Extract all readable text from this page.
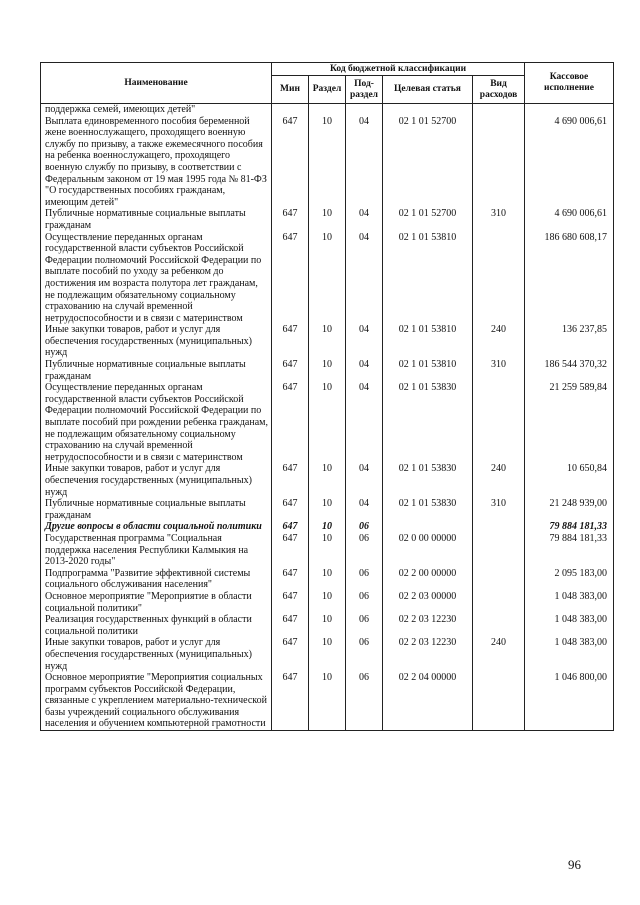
Наименование	Код бюджетной классификации					Кассовое исполнение
	Мин	Раздел	Под-раздел	Целевая статья	Вид расходов	
поддержка семей, имеющих детей"						
Выплата единовременного пособия беременной жене военнослужащего, проходящего военную службу по призыву, а также ежемесячного пособия на ребенка военнослужащего, проходящего военную службу по призыву, в соответствии с Федеральным законом от 19 мая 1995 года № 81-ФЗ "О государственных пособиях гражданам, имеющим детей"	647	10	04	02 1 01 52700		4 690 006,61
Публичные нормативные социальные выплаты гражданам	647	10	04	02 1 01 52700	310	4 690 006,61
Осуществление переданных органам государственной власти субъектов Российской Федерации полномочий Российской Федерации по выплате пособий по уходу за ребенком до достижения им возраста полутора лет гражданам, не подлежащим обязательному социальному страхованию на случай временной нетрудоспособности и в связи с материнством	647	10	04	02 1 01 53810		186 680 608,17
Иные закупки товаров, работ и услуг для обеспечения государственных (муниципальных) нужд	647	10	04	02 1 01 53810	240	136 237,85
Публичные нормативные социальные выплаты гражданам	647	10	04	02 1 01 53810	310	186 544 370,32
Осуществление переданных органам государственной власти субъектов Российской Федерации полномочий Российской Федерации по выплате пособий при рождении ребенка гражданам, не подлежащим обязательному социальному страхованию на случай временной нетрудоспособности и в связи с материнством	647	10	04	02 1 01 53830		21 259 589,84
Иные закупки товаров, работ и услуг для обеспечения государственных (муниципальных) нужд	647	10	04	02 1 01 53830	240	10 650,84
Публичные нормативные социальные выплаты гражданам	647	10	04	02 1 01 53830	310	21 248 939,00
Другие вопросы в области социальной политики	647	10	06			79 884 181,33
Государственная программа "Социальная поддержка населения Республики Калмыкия на 2013-2020 годы"	647	10	06	02 0 00 00000		79 884 181,33
Подпрограмма "Развитие эффективной системы социального обслуживания населения"	647	10	06	02 2 00 00000		2 095 183,00
Основное мероприятие "Мероприятие в области социальной политики"	647	10	06	02 2 03 00000		1 048 383,00
Реализация государственных функций в области социальной политики	647	10	06	02 2 03 12230		1 048 383,00
Иные закупки товаров, работ и услуг для обеспечения государственных (муниципальных) нужд	647	10	06	02 2 03 12230	240	1 048 383,00
Основное мероприятие "Мероприятия социальных программ субъектов Российской Федерации, связанные с укреплением материально-технической базы учреждений социального обслуживания населения и обучением компьютерной грамотности	647	10	06	02 2 04 00000		1 046 800,00
96
